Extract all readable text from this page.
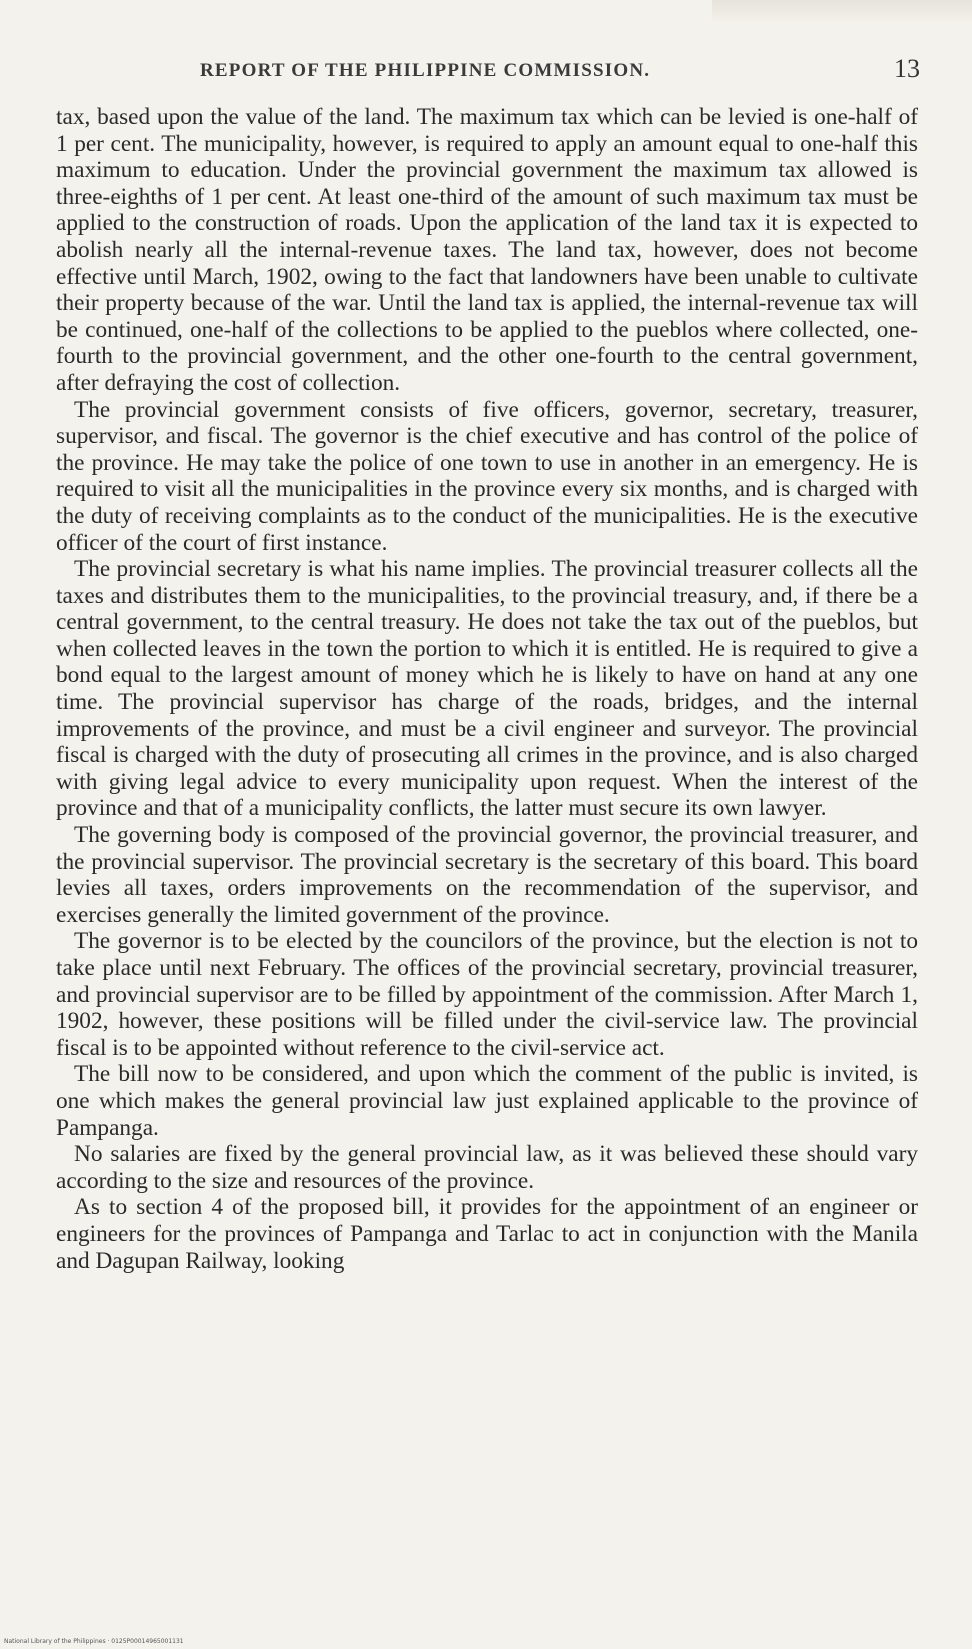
REPORT OF THE PHILIPPINE COMMISSION.	13

tax, based upon the value of the land. The maximum tax which can be levied is one-half of 1 per cent. The municipality, however, is required to apply an amount equal to one-half this maximum to education. Under the provincial government the maximum tax allowed is three-eighths of 1 per cent. At least one-third of the amount of such maximum tax must be applied to the construction of roads. Upon the application of the land tax it is expected to abolish nearly all the internal-revenue taxes. The land tax, however, does not become effective until March, 1902, owing to the fact that landowners have been unable to cultivate their property because of the war. Until the land tax is applied, the internal-revenue tax will be continued, one-half of the collections to be applied to the pueblos where collected, one-fourth to the provincial government, and the other one-fourth to the central government, after defraying the cost of collection.

The provincial government consists of five officers, governor, secretary, treasurer, supervisor, and fiscal. The governor is the chief executive and has control of the police of the province. He may take the police of one town to use in another in an emergency. He is required to visit all the municipalities in the province every six months, and is charged with the duty of receiving complaints as to the conduct of the municipalities. He is the executive officer of the court of first instance.

The provincial secretary is what his name implies. The provincial treasurer collects all the taxes and distributes them to the municipalities, to the provincial treasury, and, if there be a central government, to the central treasury. He does not take the tax out of the pueblos, but when collected leaves in the town the portion to which it is entitled. He is required to give a bond equal to the largest amount of money which he is likely to have on hand at any one time. The provincial supervisor has charge of the roads, bridges, and the internal improvements of the province, and must be a civil engineer and surveyor. The provincial fiscal is charged with the duty of prosecuting all crimes in the province, and is also charged with giving legal advice to every municipality upon request. When the interest of the province and that of a municipality conflicts, the latter must secure its own lawyer.

The governing body is composed of the provincial governor, the provincial treasurer, and the provincial supervisor. The provincial secretary is the secretary of this board. This board levies all taxes, orders improvements on the recommendation of the supervisor, and exercises generally the limited government of the province.

The governor is to be elected by the councilors of the province, but the election is not to take place until next February. The offices of the provincial secretary, provincial treasurer, and provincial supervisor are to be filled by appointment of the commission. After March 1, 1902, however, these positions will be filled under the civil-service law. The provincial fiscal is to be appointed without reference to the civil-service act.

The bill now to be considered, and upon which the comment of the public is invited, is one which makes the general provincial law just explained applicable to the province of Pampanga.

No salaries are fixed by the general provincial law, as it was believed these should vary according to the size and resources of the province.

As to section 4 of the proposed bill, it provides for the appointment of an engineer or engineers for the provinces of Pampanga and Tarlac to act in conjunction with the Manila and Dagupan Railway, looking

National Library of the Philippines · 0125P00014965001131
